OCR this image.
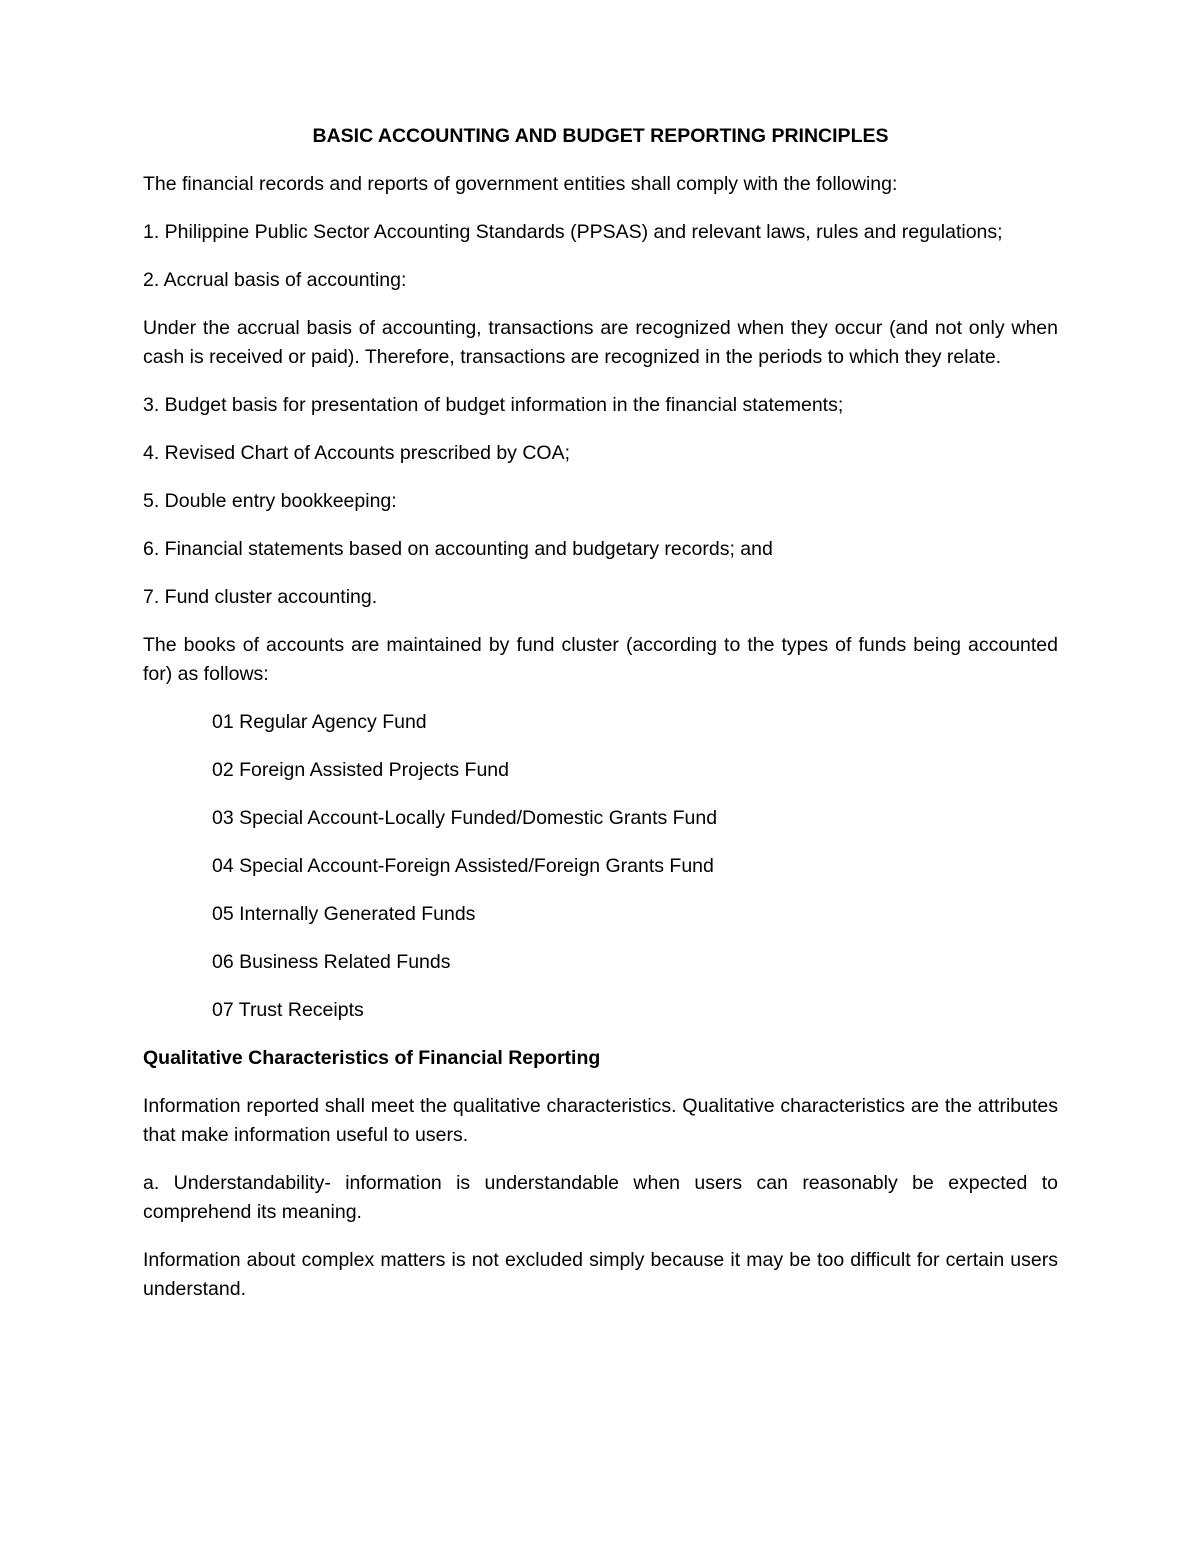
BASIC ACCOUNTING AND BUDGET REPORTING PRINCIPLES

The financial records and reports of government entities shall comply with the following:

1. Philippine Public Sector Accounting Standards (PPSAS) and relevant laws, rules and regulations;

2. Accrual basis of accounting:

Under the accrual basis of accounting, transactions are recognized when they occur (and not only when cash is received or paid). Therefore, transactions are recognized in the periods to which they relate.

3. Budget basis for presentation of budget information in the financial statements;

4. Revised Chart of Accounts prescribed by COA;

5. Double entry bookkeeping:

6. Financial statements based on accounting and budgetary records; and

7. Fund cluster accounting.

The books of accounts are maintained by fund cluster (according to the types of funds being accounted for) as follows:

01 Regular Agency Fund

02 Foreign Assisted Projects Fund

03 Special Account-Locally Funded/Domestic Grants Fund

04 Special Account-Foreign Assisted/Foreign Grants Fund

05 Internally Generated Funds

06 Business Related Funds

07 Trust Receipts

Qualitative Characteristics of Financial Reporting

Information reported shall meet the qualitative characteristics. Qualitative characteristics are the attributes that make information useful to users.

a. Understandability- information is understandable when users can reasonably be expected to comprehend its meaning.

Information about complex matters is not excluded simply because it may be too difficult for certain users understand.
